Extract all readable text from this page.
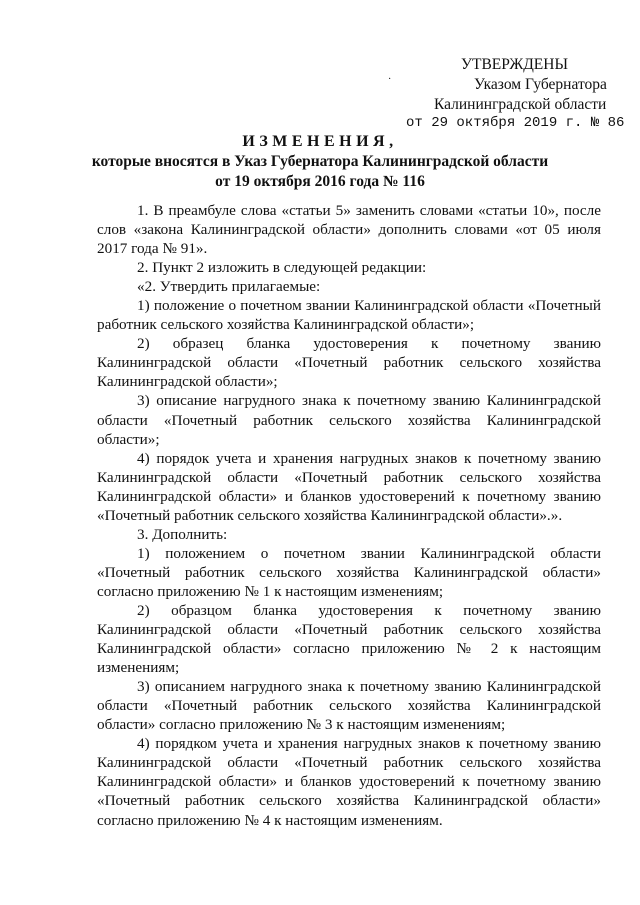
УТВЕРЖДЕНЫ
·	Указом Губернатора
Калининградской области
от 29 октября 2019 г. № 86
ИЗМЕНЕНИЯ,
которые вносятся в Указ Губернатора Калининградской области
от 19 октября 2016 года № 116

1. В преамбуле слова «статьи 5» заменить словами «статьи 10», после слов «закона Калининградской области» дополнить словами «от 05 июля 2017 года № 91».

2. Пункт 2 изложить в следующей редакции:

«2. Утвердить прилагаемые:

1) положение о почетном звании Калининградской области «Почетный работник сельского хозяйства Калининградской области»;

2) образец бланка удостоверения к почетному званию Калининградской области «Почетный работник сельского хозяйства Калининградской области»;

3) описание нагрудного знака к почетному званию Калининградской области «Почетный работник сельского хозяйства Калининградской области»;

4) порядок учета и хранения нагрудных знаков к почетному званию Калининградской области «Почетный работник сельского хозяйства Калининградской области» и бланков удостоверений к почетному званию «Почетный работник сельского хозяйства Калининградской области».».

3. Дополнить:

1) положением о почетном звании Калининградской области «Почетный работник сельского хозяйства Калининградской области» согласно приложению № 1 к настоящим изменениям;

2) образцом бланка удостоверения к почетному званию Калининградской области «Почетный работник сельского хозяйства Калининградской области» согласно приложению № 2 к настоящим изменениям;

3) описанием нагрудного знака к почетному званию Калининградской области «Почетный работник сельского хозяйства Калининградской области» согласно приложению № 3 к настоящим изменениям;

4) порядком учета и хранения нагрудных знаков к почетному званию Калининградской области «Почетный работник сельского хозяйства Калининградской области» и бланков удостоверений к почетному званию «Почетный работник сельского хозяйства Калининградской области» согласно приложению № 4 к настоящим изменениям.
